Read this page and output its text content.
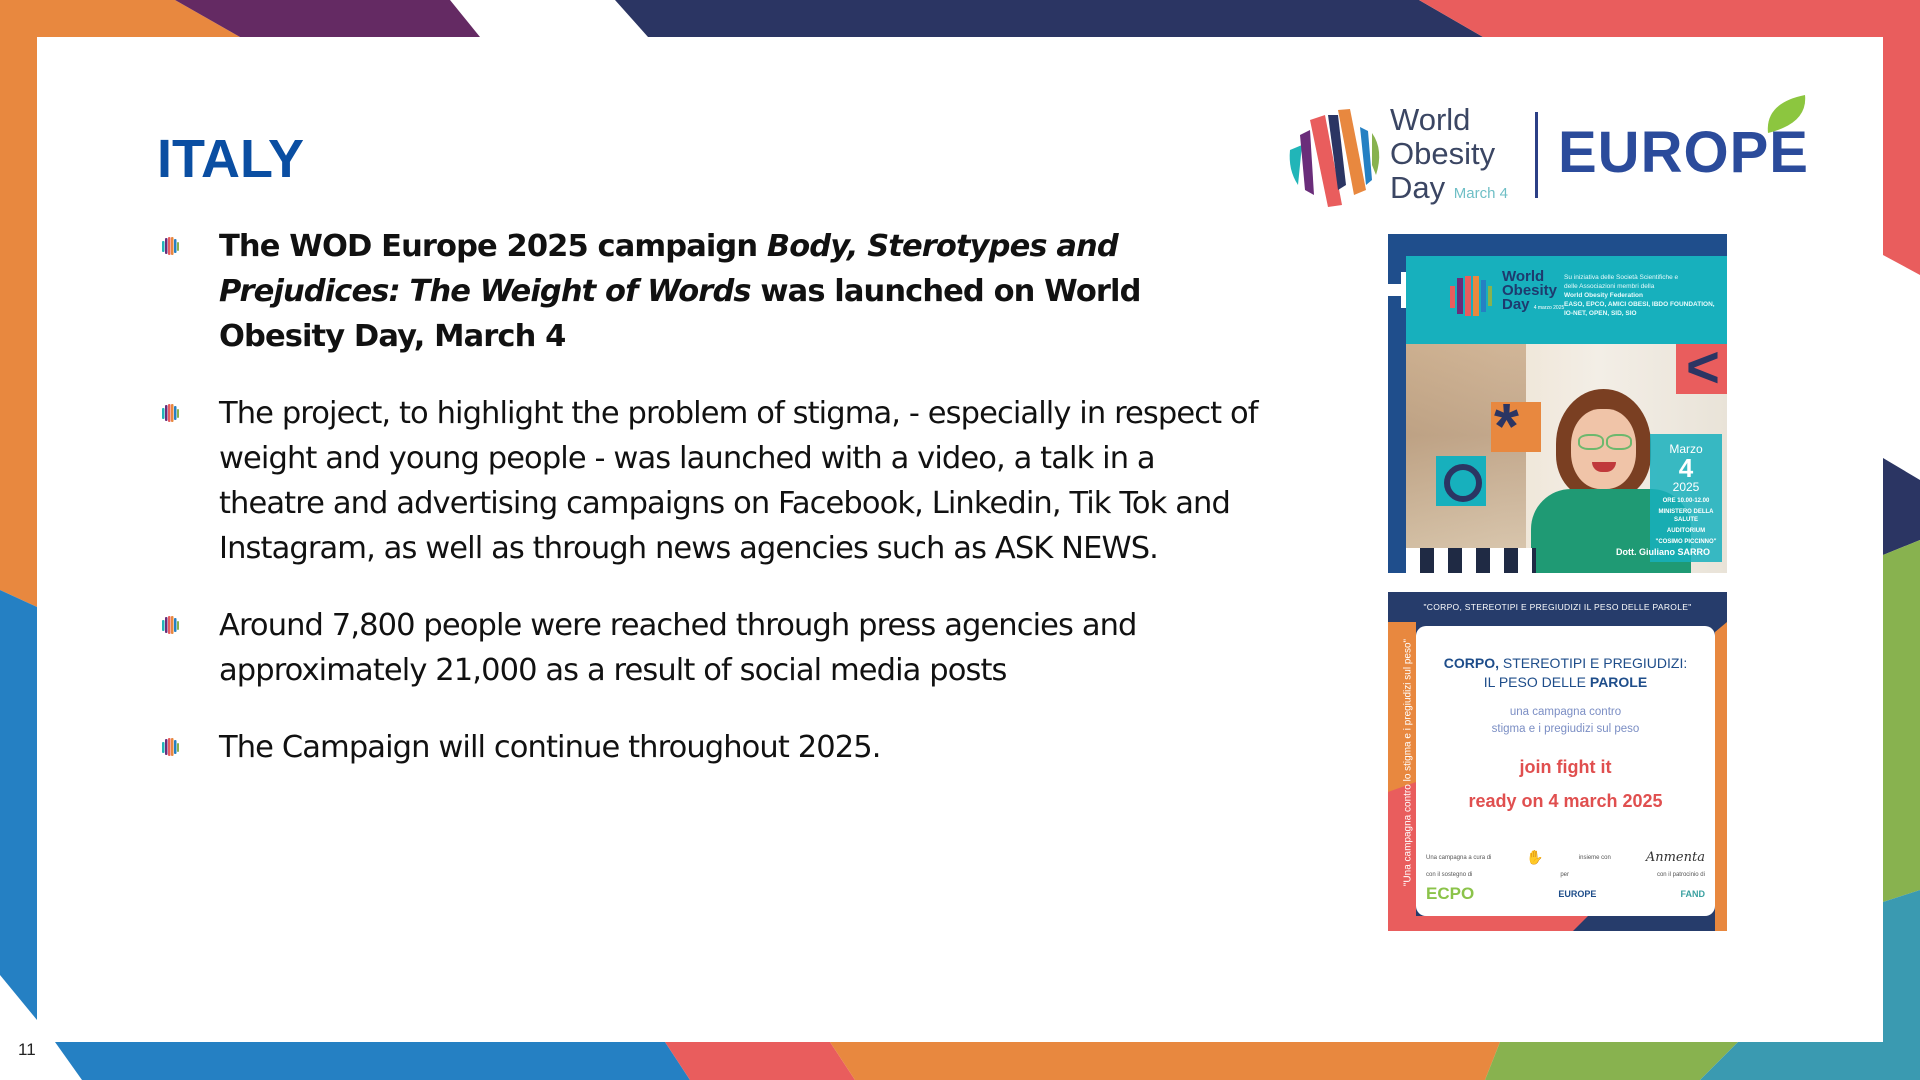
ITALY
World
Obesity
Day March 4
EUROPE
The WOD Europe 2025 campaign Body, Sterotypes and Prejudices: The Weight of Words was launched on World Obesity Day, March 4
The project, to highlight the problem of stigma, - especially in respect of weight and young people - was launched with a video, a talk in a theatre and advertising campaigns on Facebook, Linkedin, Tik Tok and Instagram, as well as through news agencies such as ASK NEWS.
Around 7,800 people were reached through press agencies and approximately 21,000 as a result of social media posts
The Campaign will continue throughout 2025.
World
Obesity
Day 4 marzo 2025
Su iniziativa delle Società Scientifiche e
delle Associazioni membri della
World Obesity Federation
EASO, EPCO, AMICI OBESI, IBDO FOUNDATION,
IO-NET, OPEN, SID, SIO
*
<
Marzo
4
2025
ORE 10.00-12.00
MINISTERO DELLA SALUTE
AUDITORIUM
"COSIMO PICCINNO"
Dott. Giuliano SARRO
"CORPO, STEREOTIPI E PREGIUDIZI IL PESO DELLE PAROLE"
"Una campagna contro lo stigma e i pregiudizi sul peso"	CORPO, STEREOTIPI E PREGIUDIZI:
IL PESO DELLE PAROLE
una campagna contro
stigma e i pregiudizi sul peso
join fight it
ready on 4 march 2025
Una campagna a cura di	✋	insieme con	Anmenta
con il sostegno di	per	con il patrocinio di
ECPO	EUROPE	FAND
11
